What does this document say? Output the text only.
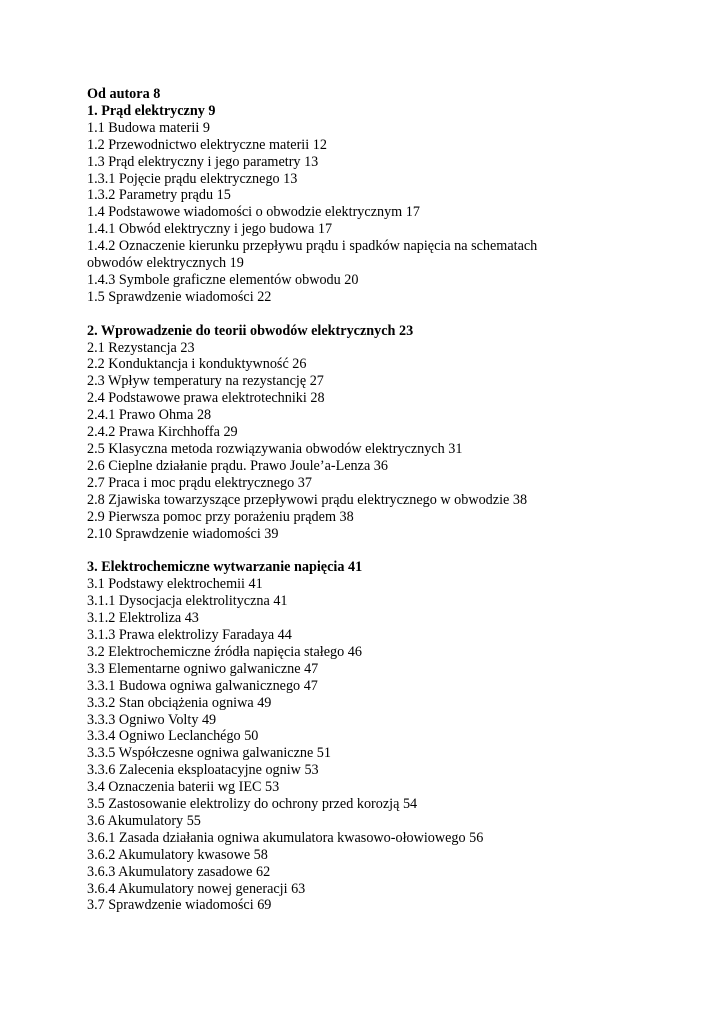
Od autora 8
1. Prąd elektryczny 9
1.1 Budowa materii 9
1.2 Przewodnictwo elektryczne materii 12
1.3 Prąd elektryczny i jego parametry 13
1.3.1 Pojęcie prądu elektrycznego 13
1.3.2 Parametry prądu 15
1.4 Podstawowe wiadomości o obwodzie elektrycznym 17
1.4.1 Obwód elektryczny i jego budowa 17
1.4.2 Oznaczenie kierunku przepływu prądu i spadków napięcia na schematach obwodów elektrycznych 19
1.4.3 Symbole graficzne elementów obwodu 20
1.5 Sprawdzenie wiadomości 22
2. Wprowadzenie do teorii obwodów elektrycznych 23
2.1 Rezystancja 23
2.2 Konduktancja i konduktywność 26
2.3 Wpływ temperatury na rezystancję 27
2.4 Podstawowe prawa elektrotechniki 28
2.4.1 Prawo Ohma 28
2.4.2 Prawa Kirchhoffa 29
2.5 Klasyczna metoda rozwiązywania obwodów elektrycznych 31
2.6 Cieplne działanie prądu. Prawo Joule’a-Lenza 36
2.7 Praca i moc prądu elektrycznego 37
2.8 Zjawiska towarzyszące przepływowi prądu elektrycznego w obwodzie 38
2.9 Pierwsza pomoc przy porażeniu prądem 38
2.10 Sprawdzenie wiadomości 39
3. Elektrochemiczne wytwarzanie napięcia 41
3.1 Podstawy elektrochemii 41
3.1.1 Dysocjacja elektrolityczna 41
3.1.2 Elektroliza 43
3.1.3 Prawa elektrolizy Faradaya 44
3.2 Elektrochemiczne źródła napięcia stałego 46
3.3 Elementarne ogniwo galwaniczne 47
3.3.1 Budowa ogniwa galwanicznego 47
3.3.2 Stan obciążenia ogniwa 49
3.3.3 Ogniwo Volty 49
3.3.4 Ogniwo Leclanchégo 50
3.3.5 Współczesne ogniwa galwaniczne 51
3.3.6 Zalecenia eksploatacyjne ogniw 53
3.4 Oznaczenia baterii wg IEC 53
3.5 Zastosowanie elektrolizy do ochrony przed korozją 54
3.6 Akumulatory 55
3.6.1 Zasada działania ogniwa akumulatora kwasowo-ołowiowego 56
3.6.2 Akumulatory kwasowe 58
3.6.3 Akumulatory zasadowe 62
3.6.4 Akumulatory nowej generacji 63
3.7 Sprawdzenie wiadomości 69
